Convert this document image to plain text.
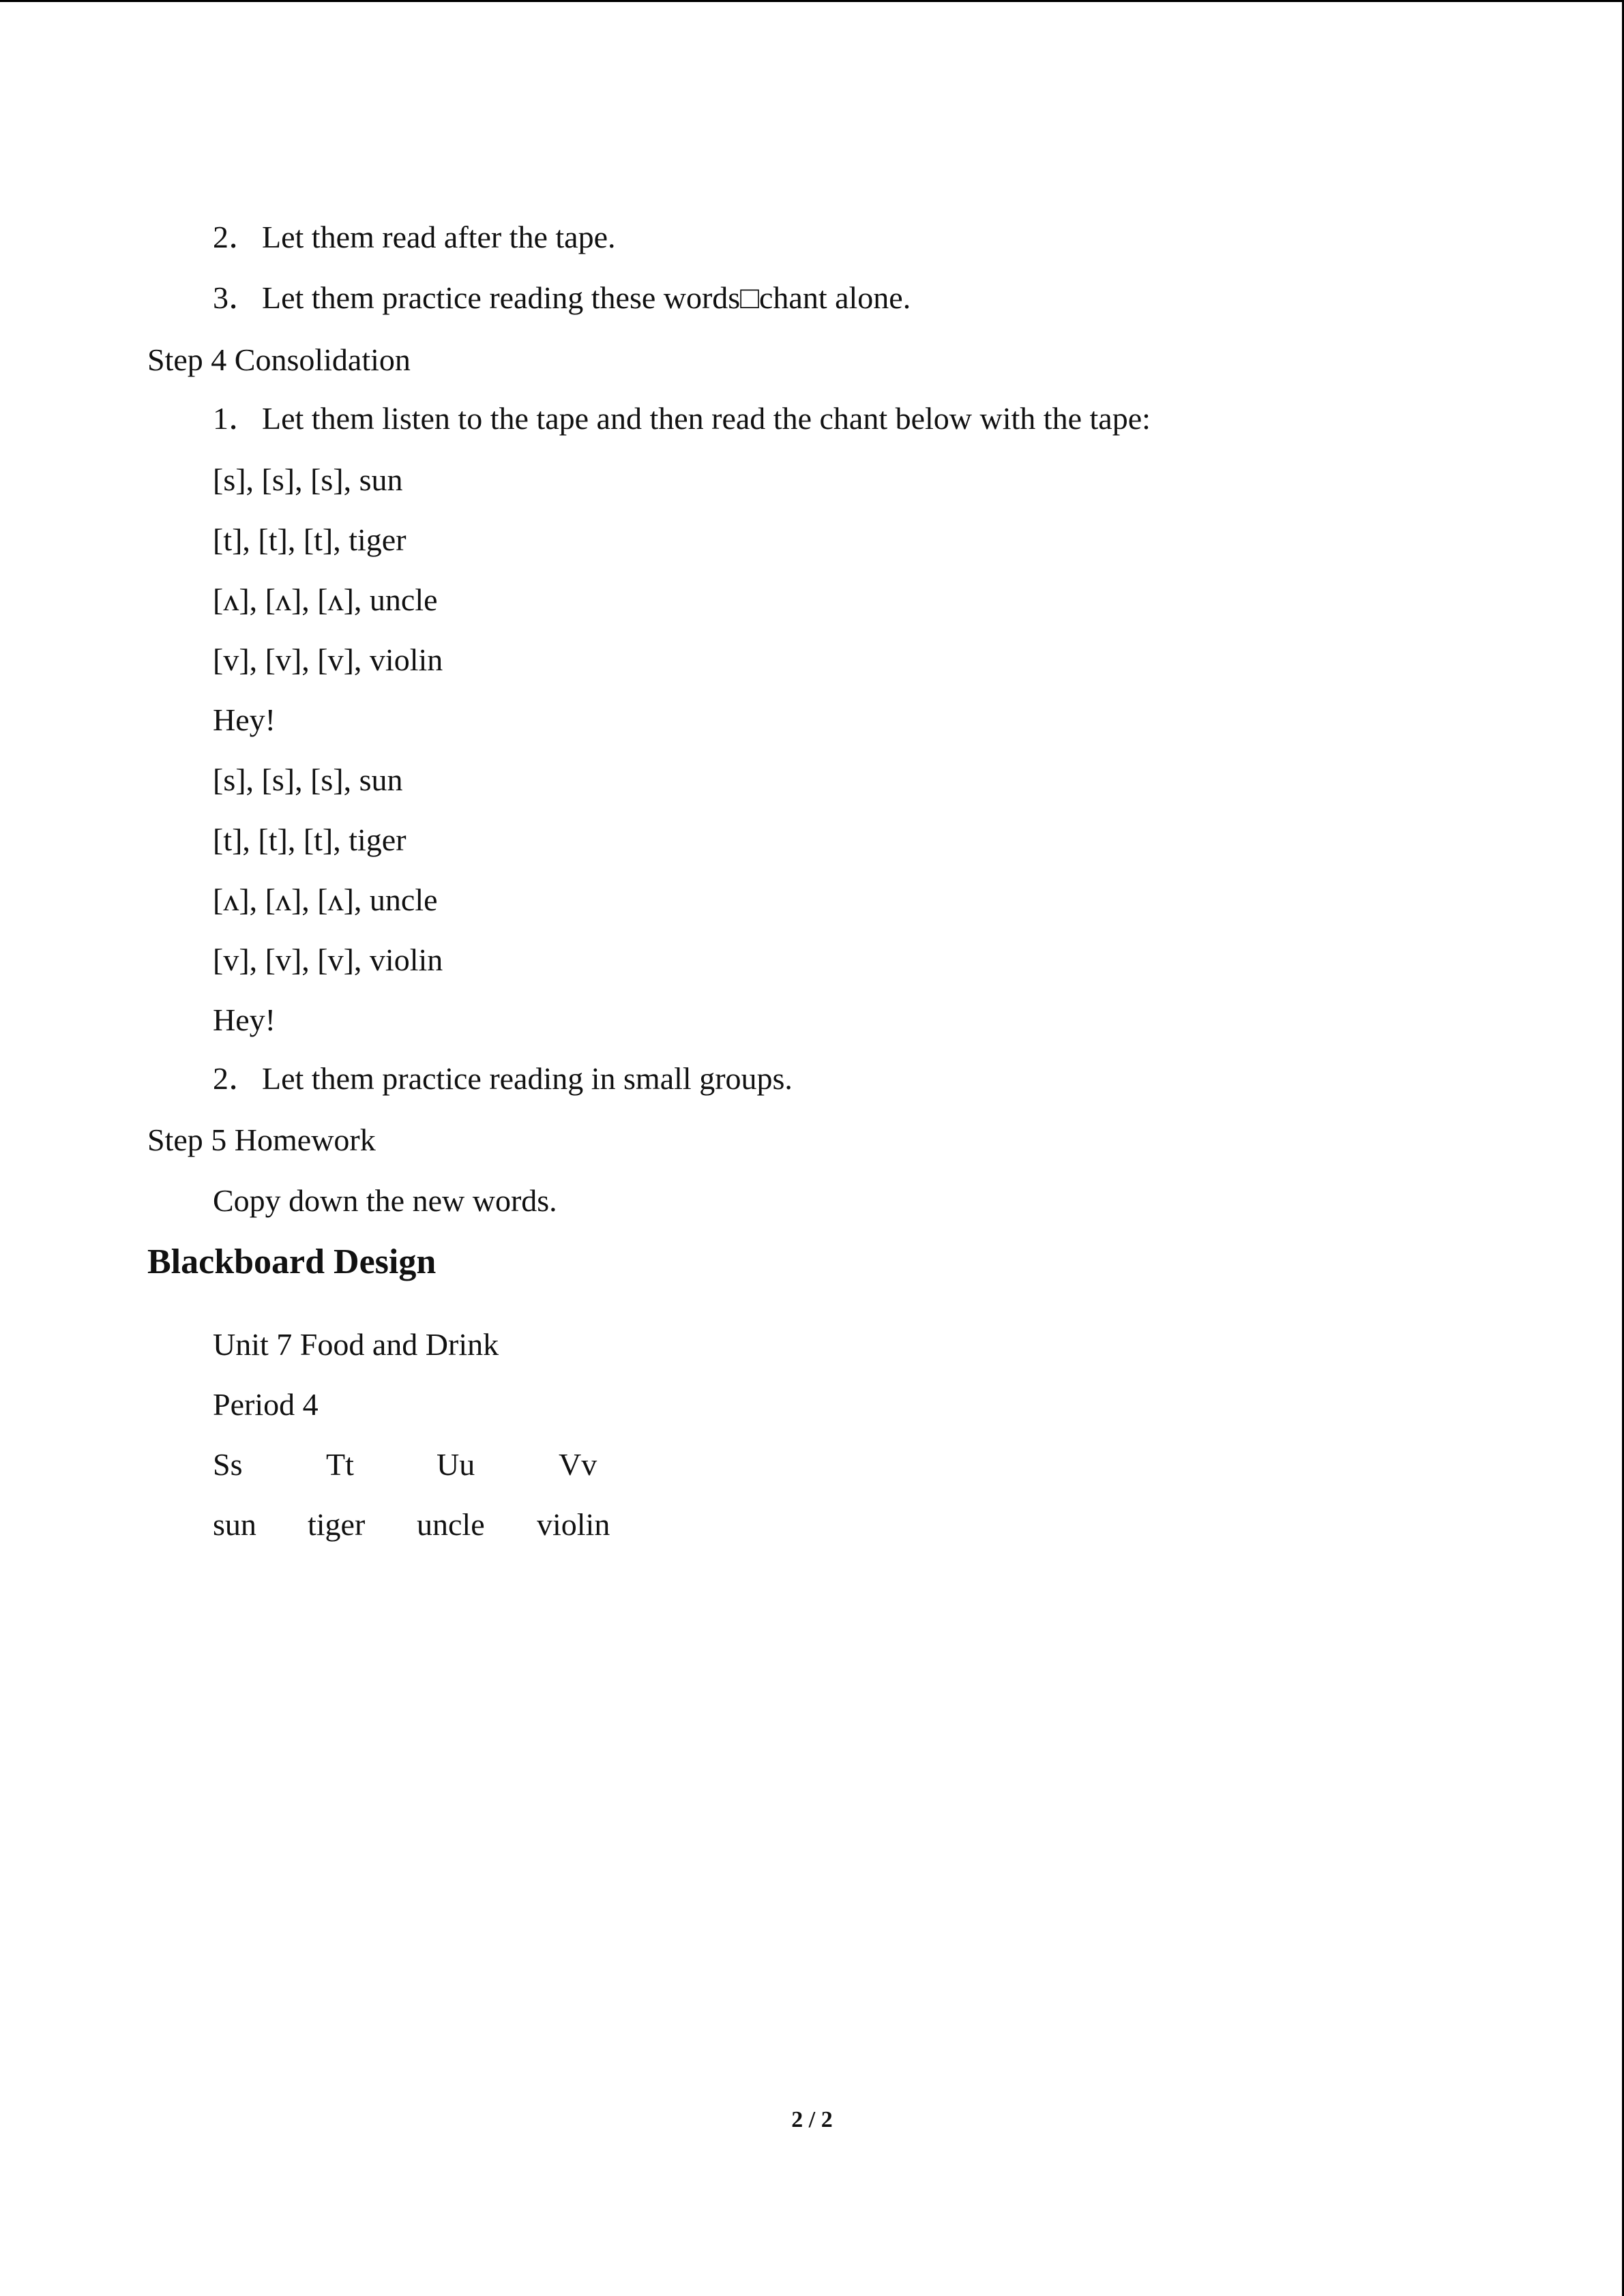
2．Let them read after the tape.
3．Let them practice reading these words□chant alone.
Step 4 Consolidation
1．Let them listen to the tape and then read the chant below with the tape:
[s], [s], [s], sun
[t], [t], [t], tiger
[ʌ], [ʌ], [ʌ], uncle
[v], [v], [v], violin
Hey!
[s], [s], [s], sun
[t], [t], [t], tiger
[ʌ], [ʌ], [ʌ], uncle
[v], [v], [v], violin
Hey!
2．Let them practice reading in small groups.
Step 5 Homework
Copy down the new words.
Blackboard Design
Unit 7 Food and Drink
Period 4
Ss	Tt	Uu	Vv
sun tiger uncle violin
2 / 2
